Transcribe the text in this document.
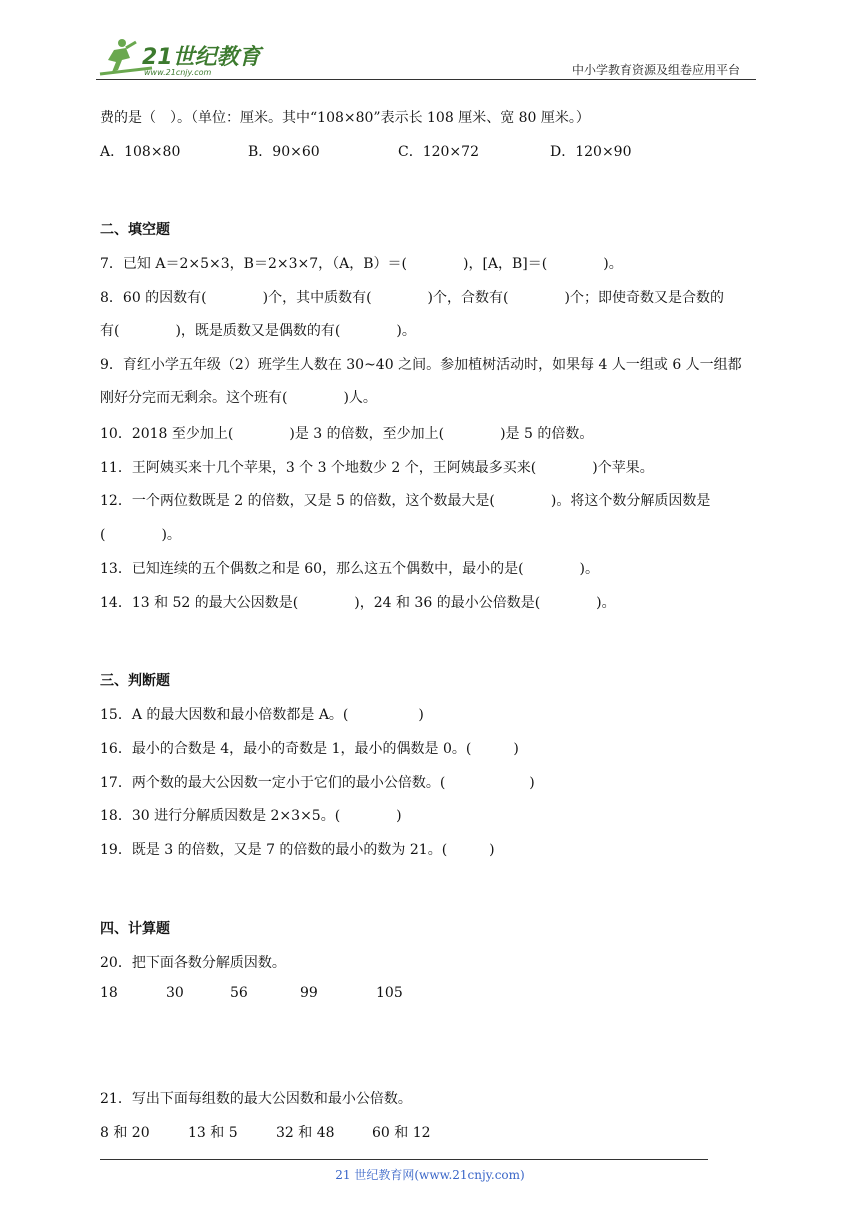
21世纪教育
www.21cnjy.com	中小学教育资源及组卷应用平台
费的是（　）。（单位：厘米。其中“108×80”表示长 108 厘米、宽 80 厘米。）
A．108×80	B．90×60	C．120×72	D．120×90
二、填空题
7．已知 A＝2×5×3，B＝2×3×7，（A，B）＝(　　　　)，[A，B]＝(　　　　)。
8．60 的因数有(　　　　)个，其中质数有(　　　　)个，合数有(　　　　)个；即使奇数又是合数的
有(　　　　)，既是质数又是偶数的有(　　　　)。
9．育红小学五年级（2）班学生人数在 30~40 之间。参加植树活动时，如果每 4 人一组或 6 人一组都
刚好分完而无剩余。这个班有(　　　　)人。
10．2018 至少加上(　　　　)是 3 的倍数，至少加上(　　　　)是 5 的倍数。
11．王阿姨买来十几个苹果，3 个 3 个地数少 2 个，王阿姨最多买来(　　　　)个苹果。
12．一个两位数既是 2 的倍数，又是 5 的倍数，这个数最大是(　　　　)。将这个数分解质因数是
(　　　　)。
13．已知连续的五个偶数之和是 60，那么这五个偶数中，最小的是(　　　　)。
14．13 和 52 的最大公因数是(　　　　)，24 和 36 的最小公倍数是(　　　　)。
三、判断题
15．A 的最大因数和最小倍数都是 A。(　　　　　)
16．最小的合数是 4，最小的奇数是 1，最小的偶数是 0。(　　　)
17．两个数的最大公因数一定小于它们的最小公倍数。(　　　　　　)
18．30 进行分解质因数是 2×3×5。(　　　　)
19．既是 3 的倍数，又是 7 的倍数的最小的数为 21。(　　　)
四、计算题
20．把下面各数分解质因数。
18	30	56	99	105
21．写出下面每组数的最大公因数和最小公倍数。
8 和 20	13 和 5	32 和 48	60 和 12
21 世纪教育网(www.21cnjy.com)
